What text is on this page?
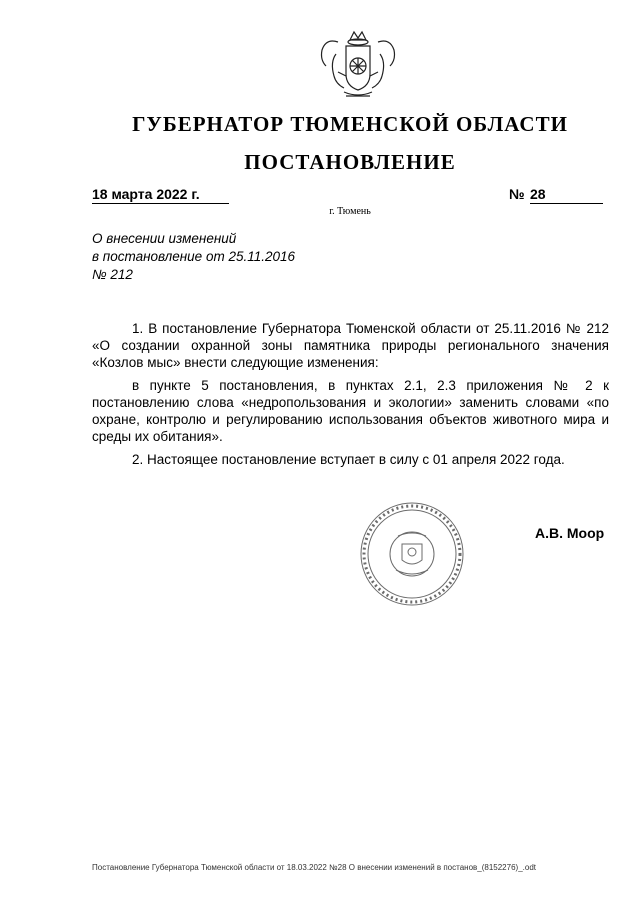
ГУБЕРНАТОР ТЮМЕНСКОЙ ОБЛАСТИ
ПОСТАНОВЛЕНИЕ
18 марта 2022 г.	№ 28
г. Тюмень
О внесении изменений
в постановление от 25.11.2016
№ 212

1. В постановление Губернатора Тюменской области от 25.11.2016 № 212 «О создании охранной зоны памятника природы регионального значения «Козлов мыс» внести следующие изменения:

в пункте 5 постановления, в пунктах 2.1, 2.3 приложения № 2 к постановлению слова «недропользования и экологии» заменить словами «по охране, контролю и регулированию использования объектов животного мира и среды их обитания».

2. Настоящее постановление вступает в силу с 01 апреля 2022 года.

А.В. Моор
Постановление Губернатора Тюменской области от 18.03.2022 №28 О внесении изменений в постанов_(8152276)_.odt
